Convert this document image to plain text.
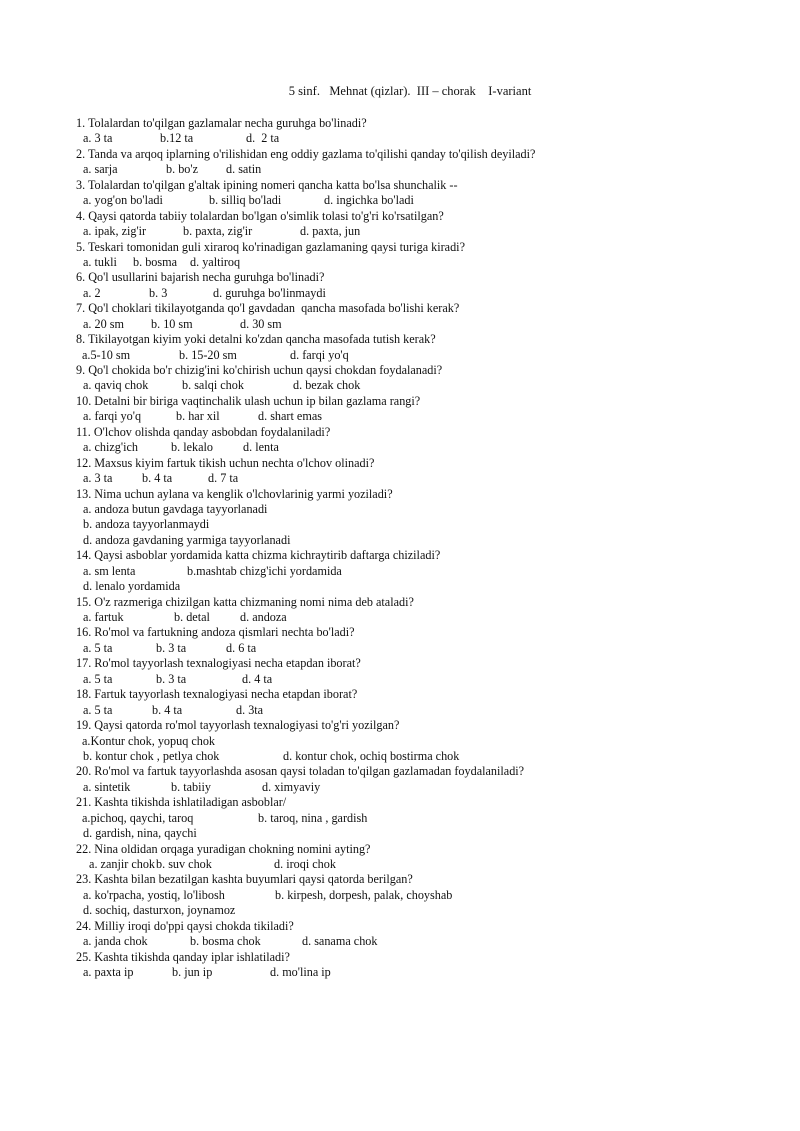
5 sinf.   Mehnat (qizlar).  III – chorak    I-variant
1. Tolalardan to'qilgan gazlamalar necha guruhga bo'linadi?
a. 3 ta	b.12 ta	d.  2 ta
2. Tanda va arqoq iplarning o'rilishidan eng oddiy gazlama to'qilishi qanday to'qilish deyiladi?
a. sarja	b. bo'z d. satin
3. Tolalardan to'qilgan g'altak ipining nomeri qancha katta bo'lsa shunchalik --
a. yog'on bo'ladi	b. silliq bo'ladi	d. ingichka bo'ladi
4. Qaysi qatorda tabiiy tolalardan bo'lgan o'simlik tolasi to'g'ri ko'rsatilgan?
a. ipak, zig'ir	b. paxta, zig'ir	d. paxta, jun
5. Teskari tomonidan guli xiraroq ko'rinadigan gazlamaning qaysi turiga kiradi?
a. tukli b. bosma d. yaltiroq
6. Qo'l usullarini bajarish necha guruhga bo'linadi?
a. 2	b. 3	d. guruhga bo'linmaydi
7. Qo'l choklari tikilayotganda qo'l gavdadan  qancha masofada bo'lishi kerak?
a. 20 sm b. 10 sm	d. 30 sm
8. Tikilayotgan kiyim yoki detalni ko'zdan qancha masofada tutish kerak?
a.5-10 sm	b. 15-20 sm	d. farqi yo'q
9. Qo'l chokida bo'r chizig'ini ko'chirish uchun qaysi chokdan foydalanadi?
a. qaviq chok	b. salqi chok	d. bezak chok
10. Detalni bir biriga vaqtinchalik ulash uchun ip bilan gazlama rangi?
a. farqi yo'q	b. har xil	d. shart emas
11. O'lchov olishda qanday asbobdan foydalaniladi?
a. chizg'ich	b. lekalo d. lenta
12. Maxsus kiyim fartuk tikish uchun nechta o'lchov olinadi?
a. 3 ta b. 4 ta	d. 7 ta
13. Nima uchun aylana va kenglik o'lchovlarinig yarmi yoziladi?
a. andoza butun gavdaga tayyorlanadi
b. andoza tayyorlanmaydi
d. andoza gavdaning yarmiga tayyorlanadi
14. Qaysi asboblar yordamida katta chizma kichraytirib daftarga chiziladi?
a. sm lenta	b.mashtab chizg'ichi yordamida
d. lenalo yordamida
15. O'z razmeriga chizilgan katta chizmaning nomi nima deb ataladi?
a. fartuk	b. detal d. andoza
16. Ro'mol va fartukning andoza qismlari nechta bo'ladi?
a. 5 ta	b. 3 ta	d. 6 ta
17. Ro'mol tayyorlash texnalogiyasi necha etapdan iborat?
a. 5 ta	b. 3 ta	d. 4 ta
18. Fartuk tayyorlash texnalogiyasi necha etapdan iborat?
a. 5 ta	b. 4 ta	d. 3ta
19. Qaysi qatorda ro'mol tayyorlash texnalogiyasi to'g'ri yozilgan?
a.Kontur chok, yopuq chok
b. kontur chok , petlya chok	d. kontur chok, ochiq bostirma chok
20. Ro'mol va fartuk tayyorlashda asosan qaysi toladan to'qilgan gazlamadan foydalaniladi?
a. sintetik	b. tabiiy	d. ximyaviy
21. Kashta tikishda ishlatiladigan asboblar/
a.pichoq, qaychi, taroq	b. taroq, nina , gardish
d. gardish, nina, qaychi
22. Nina oldidan orqaga yuradigan chokning nomini ayting?
a. zanjir chok b. suv chok	d. iroqi chok
23. Kashta bilan bezatilgan kashta buyumlari qaysi qatorda berilgan?
a. ko'rpacha, yostiq, lo'libosh	b. kirpesh, dorpesh, palak, choyshab
d. sochiq, dasturxon, joynamoz
24. Milliy iroqi do'ppi qaysi chokda tikiladi?
a. janda chok	b. bosma chok	d. sanama chok
25. Kashta tikishda qanday iplar ishlatiladi?
a. paxta ip	b. jun ip	d. mo'lina ip
